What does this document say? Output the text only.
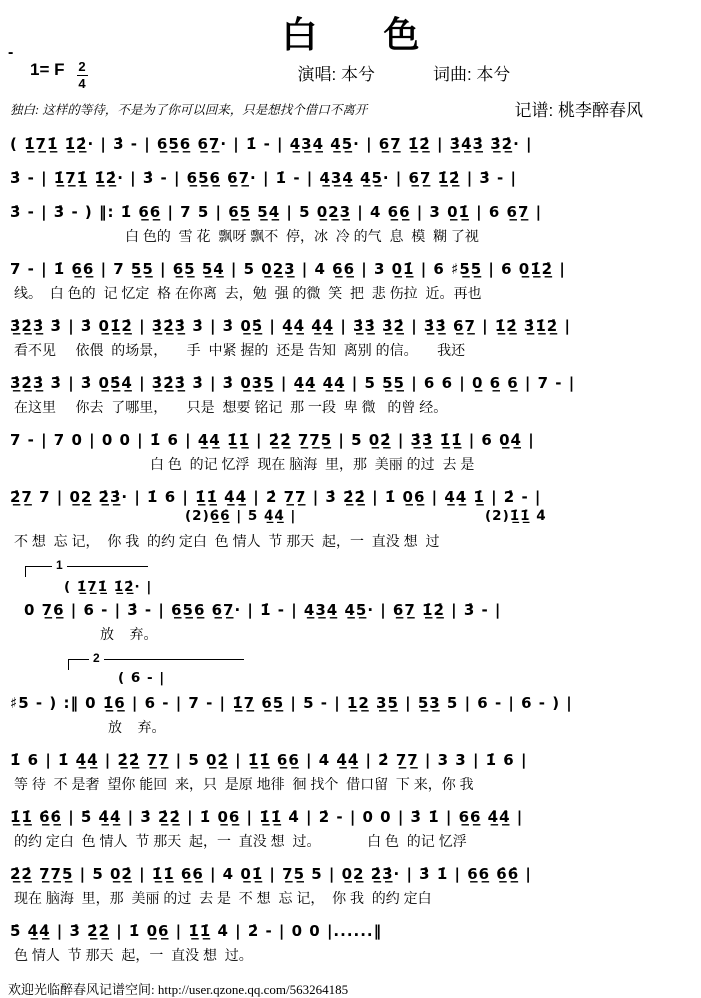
-	白 色
1= F 2
4	演唱: 本兮	词曲: 本兮
独白: 这样的等待，不是为了你可以回来，只是想找个借口不离开	记谱: 桃李醉春风
( 1̲̇7̲1̲̇ 1̲̇2̲̇· | 3̇ - | 6̲5̲6̲ 6̲7̲· | 1̇ - | 4̲3̲4̲ 4̲5̲· | 6̲7̲ 1̲̇2̲̇ | 3̲̇4̲̇3̲̇ 3̲̇2̲̇· |
3̇ - | 1̲̇7̲1̲̇ 1̲̇2̲̇· | 3̇ - | 6̲5̲6̲ 6̲7̲· | 1̇ - | 4̲3̲4̲ 4̲5̲· | 6̲7̲ 1̲̇2̲̇ | 3̇ - |
3̇ - | 3̇ - ) ‖: 1̇ 6̲6̲ | 7 5 | 6̲5̲ 5̲4̲ | 5 0̲2̲3̲ | 4 6̲6̲ | 3 0̲1̲̇ | 6 6̲7̲ |
白 色的  雪 花  飘呀 飘不  停，冰  冷 的气  息  模  糊 了视
7 - | 1̇ 6̲6̲ | 7 5̲5̲ | 6̲5̲ 5̲4̲ | 5 0̲2̲3̲ | 4 6̲6̲ | 3 0̲1̲̇ | 6 ♯5̲5̲ | 6 0̲1̲̇2̲̇ |
线。  白 色的  记 忆定  格 在你离  去，勉  强 的微  笑  把  悲 伤拉  近。再也
3̲̇2̲̇3̲̇ 3̇ | 3̇ 0̲1̲̇2̲̇ | 3̲̇2̲̇3̲̇ 3̇ | 3̇ 0̲5̲̇ | 4̲̇4̲̇ 4̲̇4̲̇ | 3̲̇3̲̇ 3̲̇2̲̇ | 3̲̇3̲̇ 6̲7̲ | 1̲̇2̲̇ 3̲̇1̲̇2̲̇ |
看不见     依偎  的场景，     手  中紧 握的  还是 告知  离别 的信。     我还
3̲̇2̲̇3̲̇ 3̇ | 3̇ 0̲5̲̇4̲̇ | 3̲̇2̲̇3̲̇ 3̇ | 3̇ 0̲3̲5̲ | 4̲4̲ 4̲4̲ | 5 5̲5̲ | 6 6 | 0̲ 6̲ 6̲ | 7 - |
在这里     你去  了哪里，     只是  想要 铭记  那 一段  卑 微   的曾 经。
7 - | 7 0 | 0 0 | 1̇ 6 | 4̲4̲ 1̲̇1̲̇ | 2̲̇2̲̇ 7̲7̲5̲ | 5 0̲2̲̇ | 3̲̇3̲̇ 1̲̇1̲̇ | 6 0̲4̲̇ |
白 色  的记 忆浮  现在 脑海  里，那  美丽 的过  去 是
2̲̇7̲ 7 | 0̲2̲ 2̲̇3̲̇· | 1̇ 6 | 1̲̇1̲̇ 4̲̇4̲̇ | 2̇ 7̲7̲ | 3̇ 2̲̇2̲̇ | 1̇ 0̲6̲ | 4̲4̲ 1̲̇ | 2̇ - |
(2)6̲̇6̲̇ | 5 4̲̇4̲̇ |	(2)1̲̇1̲̇ 4̇
不 想  忘 记，  你 我  的约 定白  色 情人  节 那天  起，一  直没 想  过
1
( 1̲̇7̲1̲̇ 1̲̇2̲̇· |
0 7̲6̲ | 6 - | 3̇ - | 6̲5̲6̲ 6̲7̲· | 1̇ - | 4̲3̲4̲ 4̲5̲· | 6̲7̲ 1̲̇2̲̇ | 3̇ - |
放    弃。
2
( 6 - |
♯5 - ) :‖ 0 1̲̇6̲ | 6 - | 7 - | 1̲̇7̲ 6̲5̲ | 5 - | 1̲2̲ 3̲5̲ | 5̲3̲ 5 | 6 - | 6 - ) |
放    弃。
1̇ 6 | 1̇ 4̲̇4̲̇ | 2̲̇2̲̇ 7̲7̲ | 5 0̲2̲̇ | 1̲̇1̲̇ 6̲6̲ | 4 4̲̇4̲̇ | 2̇ 7̲7̲ | 3 3 | 1̇ 6 |
等 待  不 是奢  望你 能回  来，只  是原 地徘  徊 找个  借口留  下 来，你 我
1̲̇1̲̇ 6̲̇6̲̇ | 5̇ 4̲̇4̲̇ | 3̇ 2̲̇2̲̇ | 1̇ 0̲6̲ | 1̲̇1̲̇ 4̇ | 2̇ - | 0 0 | 3̇ 1̇ | 6̲6̲ 4̲̇4̲̇ |
的约 定白  色 情人  节 那天  起，一  直没 想  过。            白 色  的记 忆浮
2̲̇2̲̇ 7̲7̲5̲ | 5 0̲2̲̇ | 1̲̇1̲̇ 6̲6̲ | 4 0̲1̲̇ | 7̲5̲ 5 | 0̲2̲ 2̲̇3̲̇· | 3̇ 1̇ | 6̲6̲ 6̲̇6̲̇ |
现在 脑海  里，那  美丽 的过  去 是  不 想  忘 记，  你 我  的约 定白
5̇ 4̲̇4̲̇ | 3̇ 2̲̇2̲̇ | 1̇ 0̲6̲ | 1̲̇1̲̇ 4̇ | 2̇ - | 0 0 |......‖
色 情人  节 那天  起，一  直没 想  过。
欢迎光临醉春风记谱空间: http://user.qzone.qq.com/563264185
